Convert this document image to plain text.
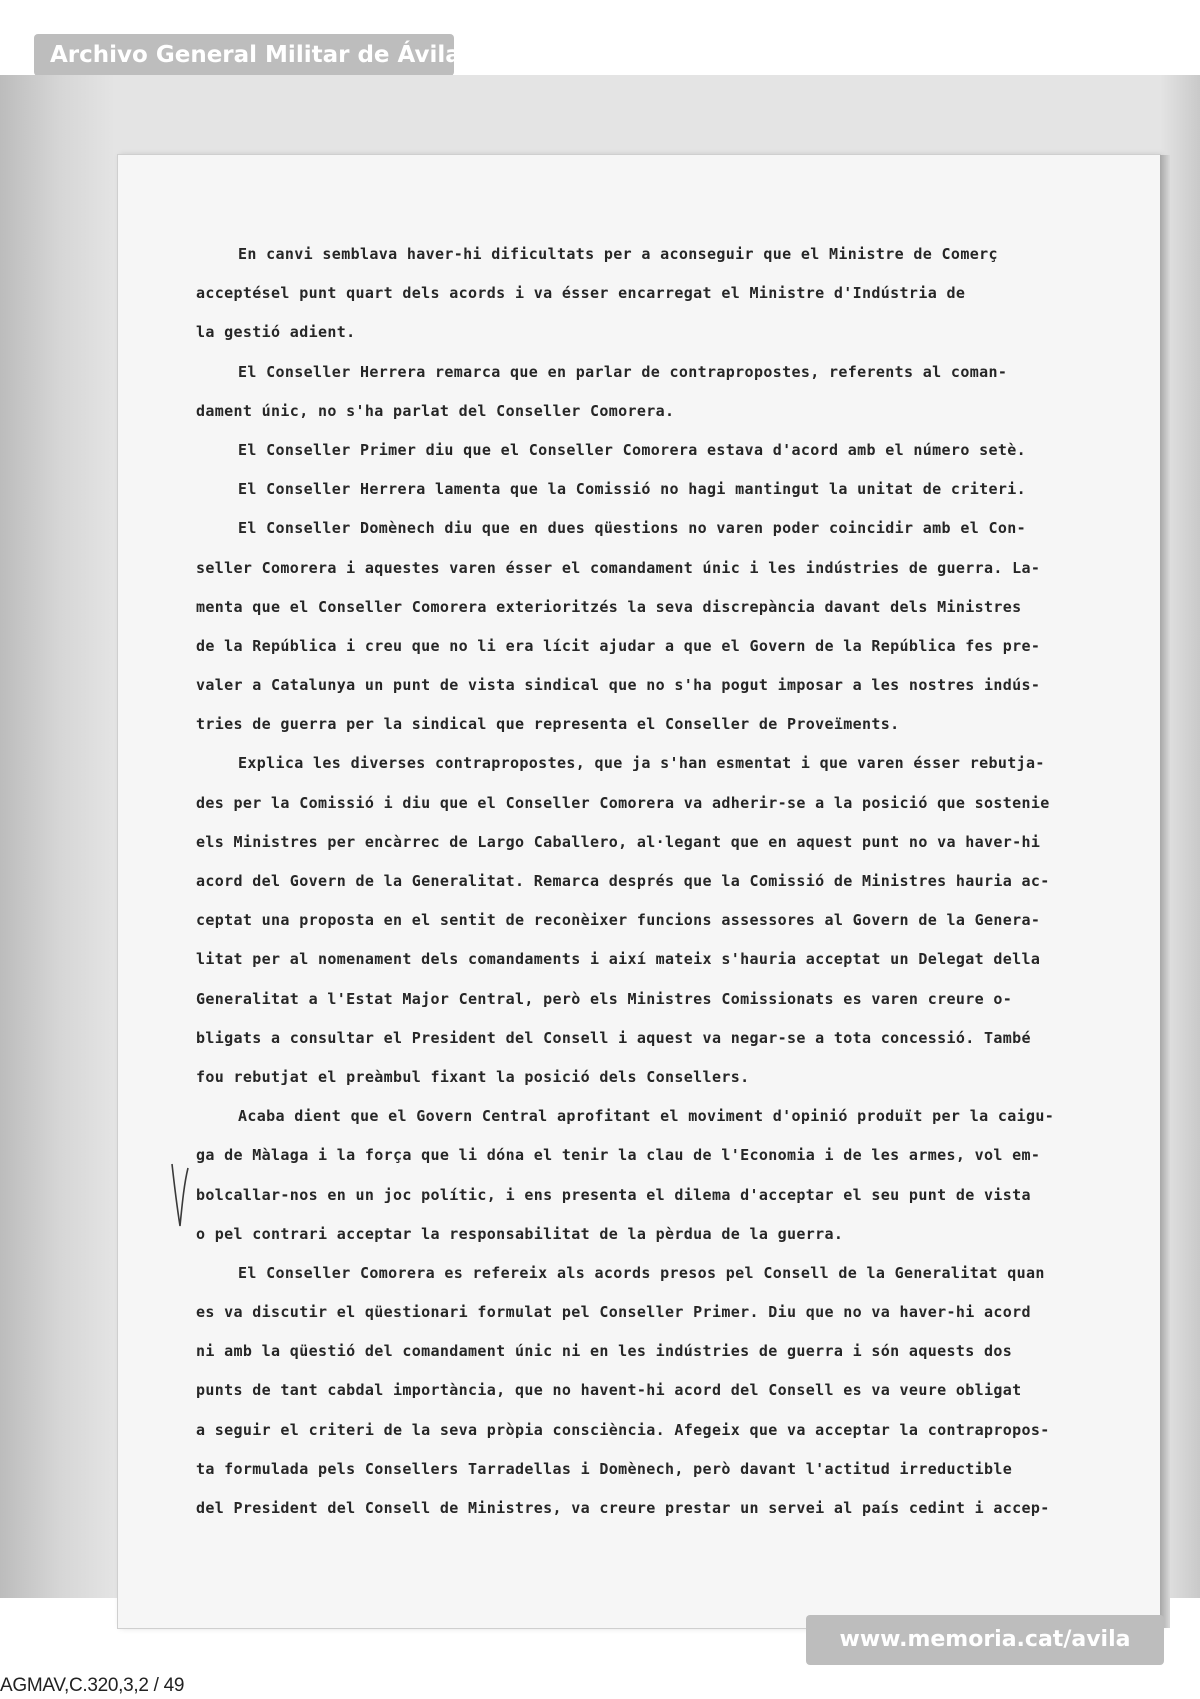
Archivo General Militar de Ávila
En canvi semblava haver-hi dificultats per a aconseguir que el Ministre de Comerç
acceptésel punt quart dels acords i va ésser encarregat el Ministre d'Indústria de
la gestió adient.
El Conseller Herrera remarca que en parlar de contrapropostes, referents al coman-
dament únic, no s'ha parlat del Conseller Comorera.
El Conseller Primer diu que el Conseller Comorera estava d'acord amb el número setè.
El Conseller Herrera lamenta que la Comissió no hagi mantingut la unitat de criteri.
El Conseller Domènech diu que en dues qüestions no varen poder coincidir amb el Con-
seller Comorera i aquestes varen ésser el comandament únic i les indústries de guerra. La-
menta que el Conseller Comorera exterioritzés la seva discrepància davant dels Ministres
de la República i creu que no li era lícit ajudar a que el Govern de la República fes pre-
valer a Catalunya un punt de vista sindical que no s'ha pogut imposar a les nostres indús-
tries de guerra per la sindical que representa el Conseller de Proveïments.
Explica les diverses contrapropostes, que ja s'han esmentat i que varen ésser rebutja-
des per la Comissió i diu que el Conseller Comorera va adherir-se a la posició que sostenie
els Ministres per encàrrec de Largo Caballero, al·legant que en aquest punt no va haver-hi
acord del Govern de la Generalitat. Remarca després que la Comissió de Ministres hauria ac-
ceptat una proposta en el sentit de reconèixer funcions assessores al Govern de la Genera-
litat per al nomenament dels comandaments i així mateix s'hauria acceptat un Delegat della
Generalitat a l'Estat Major Central, però els Ministres Comissionats es varen creure o-
bligats a consultar el President del Consell i aquest va negar-se a tota concessió. També
fou rebutjat el preàmbul fixant la posició dels Consellers.
Acaba dient que el Govern Central aprofitant el moviment d'opinió produït per la caigu-
ga de Màlaga i la força que li dóna el tenir la clau de l'Economia i de les armes, vol em-
bolcallar-nos en un joc polític, i ens presenta el dilema d'acceptar el seu punt de vista
o pel contrari acceptar la responsabilitat de la pèrdua de la guerra.
El Conseller Comorera es refereix als acords presos pel Consell de la Generalitat quan
es va discutir el qüestionari formulat pel Conseller Primer. Diu que no va haver-hi acord
ni amb la qüestió del comandament únic ni en les indústries de guerra i són aquests dos
punts de tant cabdal importància, que no havent-hi acord del Consell es va veure obligat
a seguir el criteri de la seva pròpia consciència. Afegeix que va acceptar la contrapropos-
ta formulada pels Consellers Tarradellas i Domènech, però davant l'actitud irreductible
del President del Consell de Ministres, va creure prestar un servei al país cedint i accep-
www.memoria.cat/avila
AGMAV,C.320,3,2 / 49
